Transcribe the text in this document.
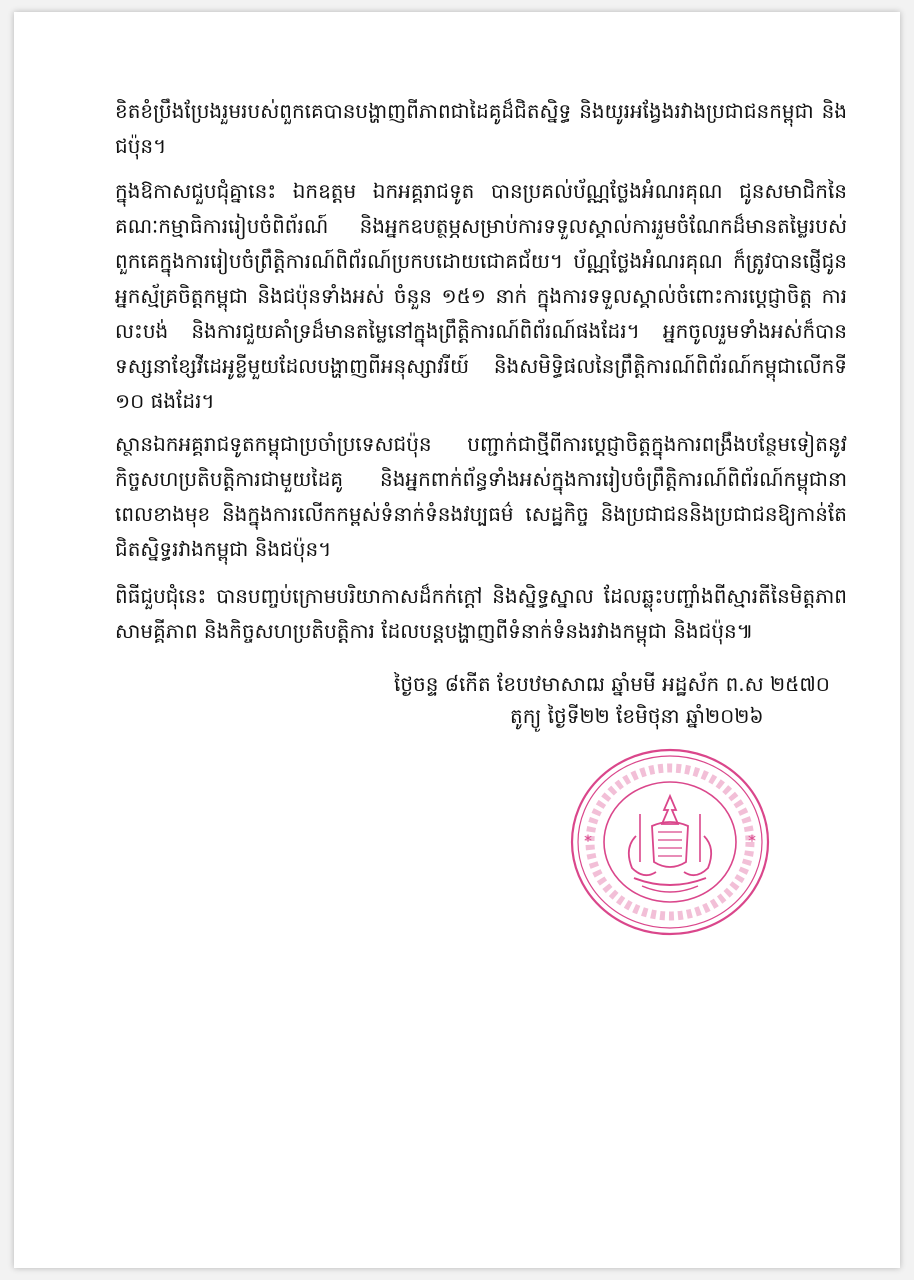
ខិតខំប្រឹងប្រែងរួមរបស់ពួកគេបានបង្ហាញពីភាពជាដៃគូដ៏ជិតស្និទ្ធ និងយូរអង្វែងរវាងប្រជាជនកម្ពុជា និងជប៉ុន។

ក្នុងឱកាសជួបជុំគ្នានេះ ឯកឧត្តម ឯកអគ្គរាជទូត បានប្រគល់ប័ណ្ណថ្លែងអំណរគុណ ជូនសមាជិកនៃគណៈកម្មាធិការរៀបចំពិព័រណ៍ និងអ្នកឧបត្ថម្ភសម្រាប់ការទទួលស្គាល់ការរួមចំណែកដ៏មានតម្លៃរបស់ពួកគេក្នុងការរៀបចំព្រឹត្តិការណ៍ពិព័រណ៍ប្រកបដោយជោគជ័យ។ ប័ណ្ណថ្លែងអំណរគុណ ក៏ត្រូវបានផ្ញើជូនអ្នកស្ម័គ្រចិត្តកម្ពុជា និងជប៉ុនទាំងអស់ ចំនួន ១៥១ នាក់ ក្នុងការទទួលស្គាល់ចំពោះការប្តេជ្ញាចិត្ត ការលះបង់ និងការជួយគាំទ្រដ៏មានតម្លៃនៅក្នុងព្រឹត្តិការណ៍ពិព័រណ៍ផងដែរ។ អ្នកចូលរួមទាំងអស់ក៏បានទស្សនាខ្សែវីដេអូខ្លីមួយដែលបង្ហាញពីអនុស្សាវរីយ៍ និងសមិទ្ធិផលនៃព្រឹត្តិការណ៍ពិព័រណ៍កម្ពុជាលើកទី ១០ ផងដែរ។

ស្ថានឯកអគ្គរាជទូតកម្ពុជាប្រចាំប្រទេសជប៉ុន បញ្ជាក់ជាថ្មីពីការប្តេជ្ញាចិត្តក្នុងការពង្រឹងបន្ថែមទៀតនូវកិច្ចសហប្រតិបត្តិការជាមួយដៃគូ និងអ្នកពាក់ព័ន្ធទាំងអស់ក្នុងការរៀបចំព្រឹត្តិការណ៍ពិព័រណ៍កម្ពុជានាពេលខាងមុខ និងក្នុងការលើកកម្ពស់ទំនាក់ទំនងវប្បធម៌ សេដ្ឋកិច្ច និងប្រជាជននិងប្រជាជនឱ្យកាន់តែជិតស្និទ្ធរវាងកម្ពុជា និងជប៉ុន។

ពិធីជួបជុំនេះ បានបញ្ចប់ក្រោមបរិយាកាសដ៏កក់ក្តៅ និងស្និទ្ធស្នាល ដែលឆ្លុះបញ្ចាំងពីស្មារតីនៃមិត្តភាព សាមគ្គីភាព និងកិច្ចសហប្រតិបត្តិការ ដែលបន្តបង្ហាញពីទំនាក់ទំនងរវាងកម្ពុជា និងជប៉ុន៕

ថ្ងៃចន្ទ ៨កើត ខែបឋមាសាឍ ឆ្នាំមមី អដ្ឋស័ក ព.ស ២៥៧០
តូក្យូ ថ្ងៃទី២២ ខែមិថុនា ឆ្នាំ២០២៦
*	*
